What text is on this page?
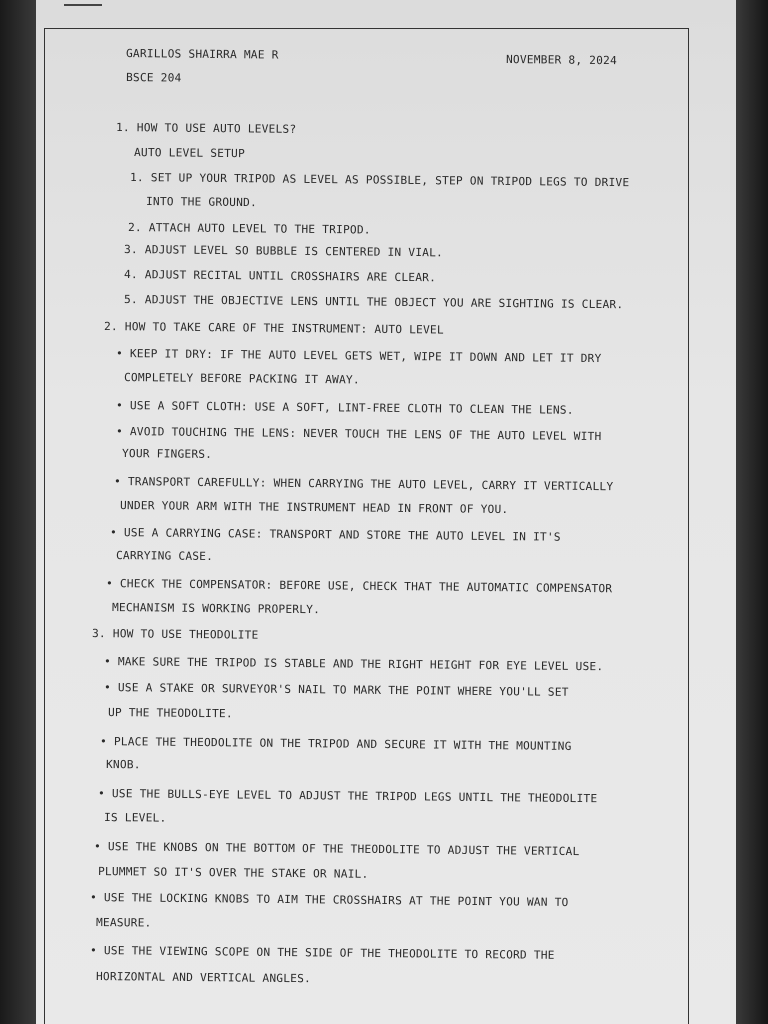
GARILLOS SHAIRRA MAE R
BSCE 204
NOVEMBER 8, 2024
1. HOW TO USE AUTO LEVELS?
AUTO LEVEL SETUP
1. SET UP YOUR TRIPOD AS LEVEL AS POSSIBLE, STEP ON TRIPOD LEGS TO DRIVE
INTO THE GROUND.
2. ATTACH AUTO LEVEL TO THE TRIPOD.
3. ADJUST LEVEL SO BUBBLE IS CENTERED IN VIAL.
4. ADJUST RECITAL UNTIL CROSSHAIRS ARE CLEAR.
5. ADJUST THE OBJECTIVE LENS UNTIL THE OBJECT YOU ARE SIGHTING IS CLEAR.
2. HOW TO TAKE CARE OF THE INSTRUMENT: AUTO LEVEL
• KEEP IT DRY: IF THE AUTO LEVEL GETS WET, WIPE IT DOWN AND LET IT DRY
COMPLETELY BEFORE PACKING IT AWAY.
• USE A SOFT CLOTH: USE A SOFT, LINT-FREE CLOTH TO CLEAN THE LENS.
• AVOID TOUCHING THE LENS: NEVER TOUCH THE LENS OF THE AUTO LEVEL WITH
YOUR FINGERS.
• TRANSPORT CAREFULLY: WHEN CARRYING THE AUTO LEVEL, CARRY IT VERTICALLY
UNDER YOUR ARM WITH THE INSTRUMENT HEAD IN FRONT OF YOU.
• USE A CARRYING CASE: TRANSPORT AND STORE THE AUTO LEVEL IN IT'S
CARRYING CASE.
• CHECK THE COMPENSATOR: BEFORE USE, CHECK THAT THE AUTOMATIC COMPENSATOR
MECHANISM IS WORKING PROPERLY.
3. HOW TO USE THEODOLITE
• MAKE SURE THE TRIPOD IS STABLE AND THE RIGHT HEIGHT FOR EYE LEVEL USE.
• USE A STAKE OR SURVEYOR'S NAIL TO MARK THE POINT WHERE YOU'LL SET
UP THE THEODOLITE.
• PLACE THE THEODOLITE ON THE TRIPOD AND SECURE IT WITH THE MOUNTING
KNOB.
• USE THE BULLS-EYE LEVEL TO ADJUST THE TRIPOD LEGS UNTIL THE THEODOLITE
IS LEVEL.
• USE THE KNOBS ON THE BOTTOM OF THE THEODOLITE TO ADJUST THE VERTICAL
PLUMMET SO IT'S OVER THE STAKE OR NAIL.
• USE THE LOCKING KNOBS TO AIM THE CROSSHAIRS AT THE POINT YOU WAN TO
MEASURE.
• USE THE VIEWING SCOPE ON THE SIDE OF THE THEODOLITE TO RECORD THE
HORIZONTAL AND VERTICAL ANGLES.
